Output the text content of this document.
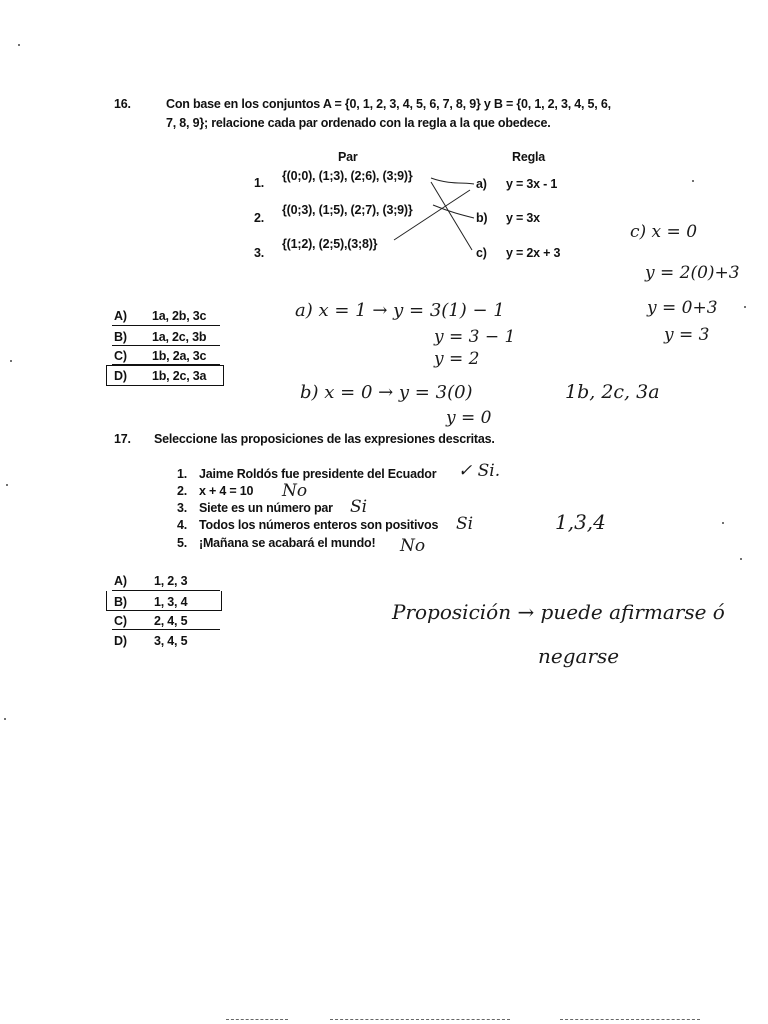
16.	Con base en los conjuntos A = {0, 1, 2, 3, 4, 5, 6, 7, 8, 9} y B = {0, 1, 2, 3, 4, 5, 6,
7, 8, 9}; relacione cada par ordenado con la regla a la que obedece.
Par	Regla
1. {(0;0), (1;3), (2;6), (3;9)}
2.
{(0;3), (1;5), (2;7), (3;9)}
3.
{(1;2), (2;5),(3;8)}
a) y = 3x - 1
b) y = 3x
c) y = 2x + 3
A) 1a, 2b, 3c
B) 1a, 2c, 3b
C) 1b, 2a, 3c
D) 1b, 2c, 3a
c) x = 0
y = 2(0)+3
y = 0+3
y = 3
a) x = 1 → y = 3(1) − 1
y = 3 − 1
y = 2
b) x = 0 → y = 3(0)
y = 0
1b, 2c, 3a
17. Seleccione las proposiciones de las expresiones descritas.
1. Jaime Roldós fue presidente del Ecuador ✓ Si.
2. x + 4 = 10 No
3. Siete es un número par Si
4. Todos los números enteros son positivos Si
5. ¡Mañana se acabará el mundo! No
1,3,4
A) 1, 2, 3
B) 1, 3, 4
C) 2, 4, 5
D) 3, 4, 5
Proposición → puede afirmarse ó
negarse
